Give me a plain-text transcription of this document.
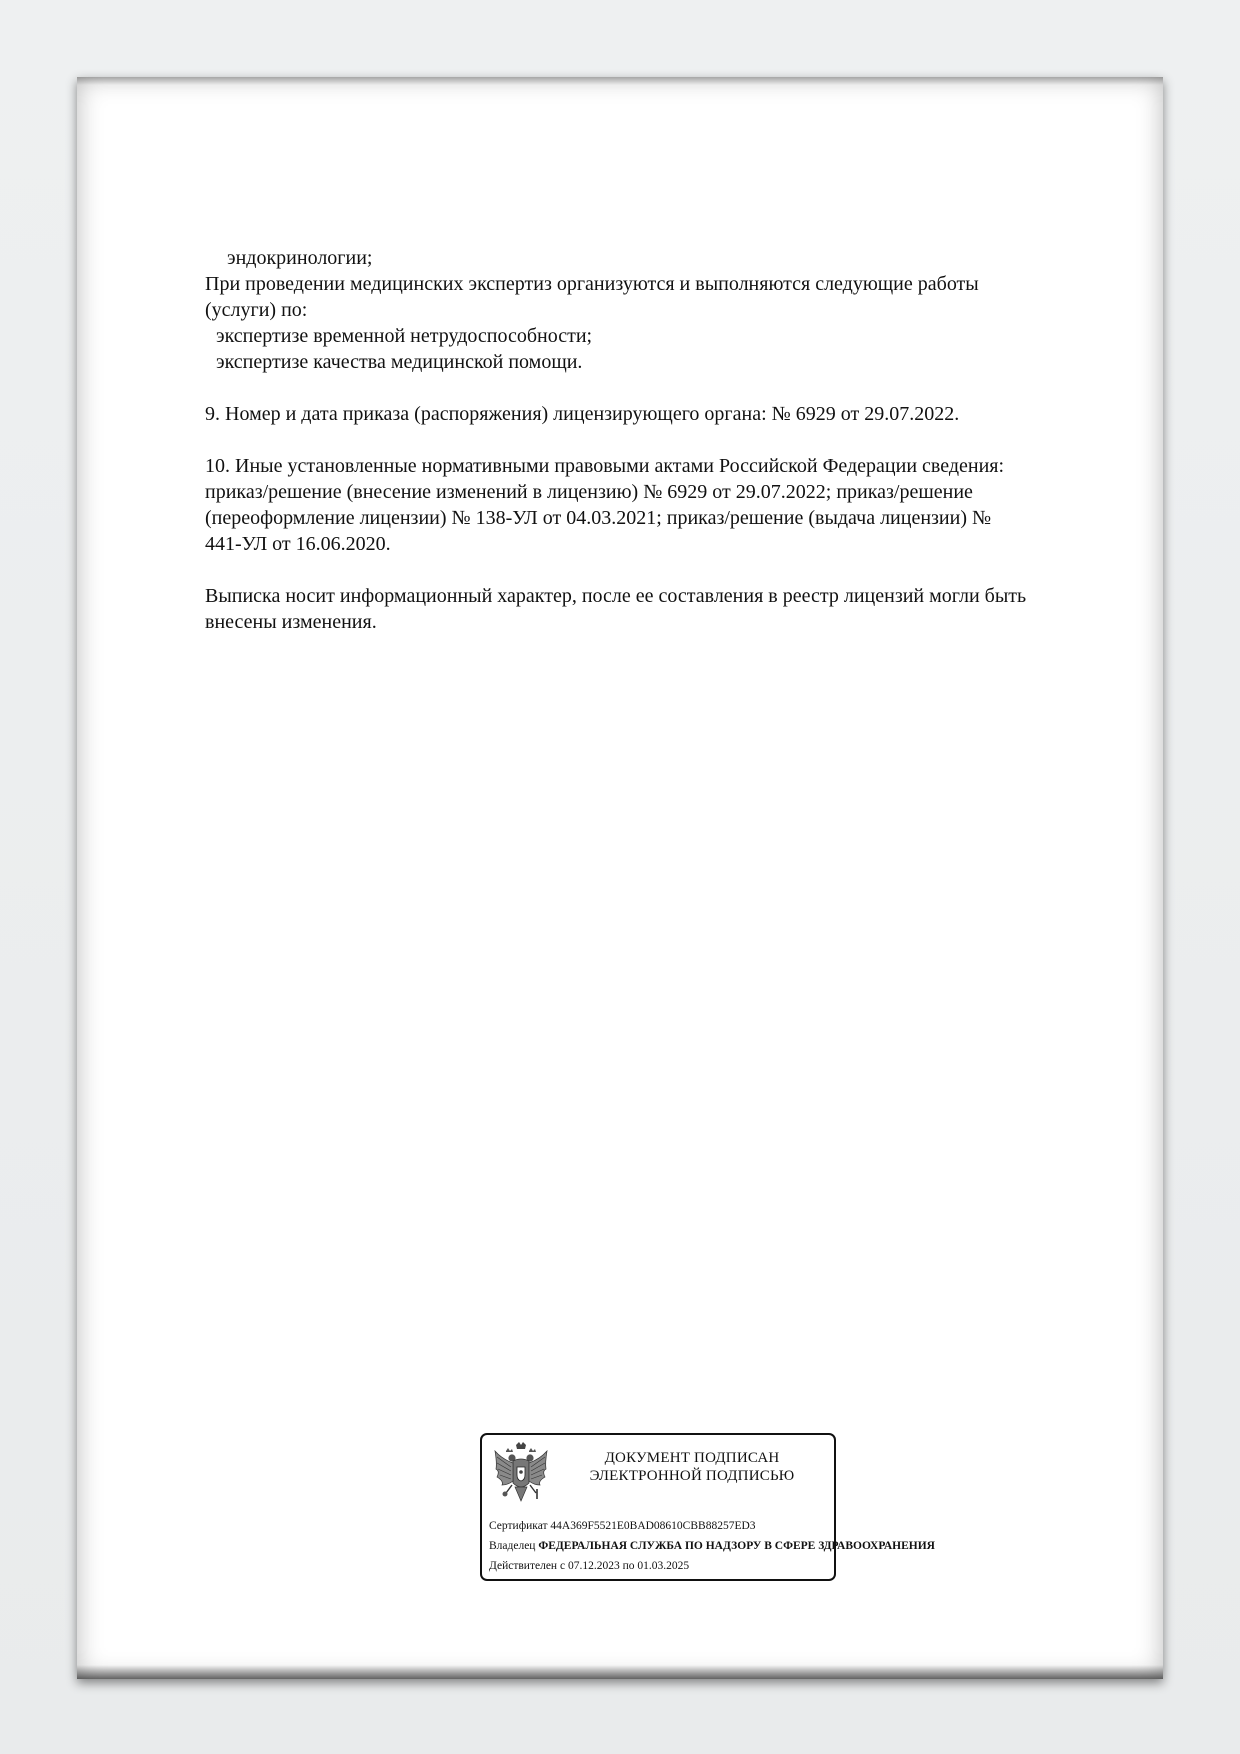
эндокринологии;

При проведении медицинских экспертиз организуются и выполняются следующие работы

(услуги) по:

экспертизе временной нетрудоспособности;

экспертизе качества медицинской помощи.

9. Номер и дата приказа (распоряжения) лицензирующего органа: № 6929 от 29.07.2022.

10. Иные установленные нормативными правовыми актами Российской Федерации сведения:

приказ/решение (внесение изменений в лицензию) № 6929 от 29.07.2022; приказ/решение

(переоформление лицензии) № 138-УЛ от 04.03.2021; приказ/решение (выдача лицензии) №

441-УЛ от 16.06.2020.

Выписка носит информационный характер, после ее составления в реестр лицензий могли быть

внесены изменения.

ДОКУМЕНТ ПОДПИСАН
ЭЛЕКТРОННОЙ ПОДПИСЬЮ
Сертификат 44A369F5521E0BAD08610CBB88257ED3
Владелец ФЕДЕРАЛЬНАЯ СЛУЖБА ПО НАДЗОРУ В СФЕРЕ ЗДРАВООХРАНЕНИЯ
Действителен с 07.12.2023 по 01.03.2025
